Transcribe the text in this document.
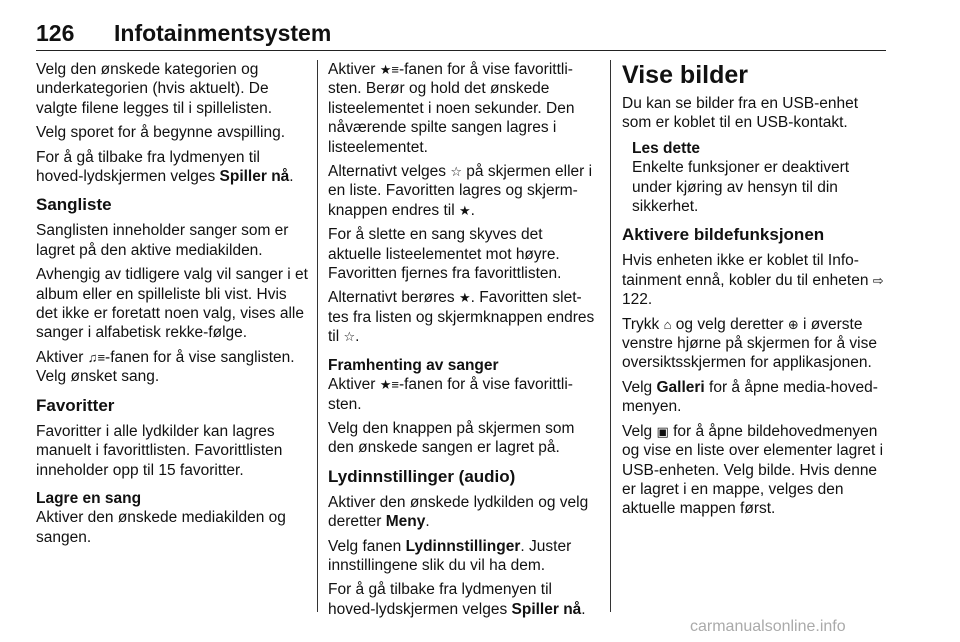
126 Infotainmentsystem

Velg den ønskede kategorien og underkategorien (hvis aktuelt). De valgte filene legges til i spillelisten.

Velg sporet for å begynne avspilling.

For å gå tilbake fra lydmenyen til hoved-lydskjermen velges Spiller nå.

Sangliste

Sanglisten inneholder sanger som er lagret på den aktive mediakilden.

Avhengig av tidligere valg vil sanger i et album eller en spilleliste bli vist. Hvis det ikke er foretatt noen valg, vises alle sanger i alfabetisk rekke-følge.

Aktiver ♫≡-fanen for å vise sanglisten. Velg ønsket sang.

Favoritter

Favoritter i alle lydkilder kan lagres manuelt i favorittlisten. Favorittlisten inneholder opp til 15 favoritter.

Lagre en sang

Aktiver den ønskede mediakilden og sangen.

Aktiver ★≡-fanen for å vise favorittli-sten. Berør og hold det ønskede listeelementet i noen sekunder. Den nåværende spilte sangen lagres i listeelementet.

Alternativt velges ☆ på skjermen eller i en liste. Favoritten lagres og skjerm-knappen endres til ★.

For å slette en sang skyves det aktuelle listeelementet mot høyre. Favoritten fjernes fra favorittlisten.

Alternativt berøres ★. Favoritten slet-tes fra listen og skjermknappen endres til ☆.

Framhenting av sanger

Aktiver ★≡-fanen for å vise favorittli-sten.

Velg den knappen på skjermen som den ønskede sangen er lagret på.

Lydinnstillinger (audio)

Aktiver den ønskede lydkilden og velg deretter Meny.

Velg fanen Lydinnstillinger. Juster innstillingene slik du vil ha dem.

For å gå tilbake fra lydmenyen til hoved-lydskjermen velges Spiller nå.

Vise bilder

Du kan se bilder fra en USB-enhet som er koblet til en USB-kontakt.

Les dette
Enkelte funksjoner er deaktivert under kjøring av hensyn til din sikkerhet.
Aktivere bildefunksjonen

Hvis enheten ikke er koblet til Info-tainment ennå, kobler du til enheten ⇨ 122.

Trykk ⌂ og velg deretter ⊕ i øverste venstre hjørne på skjermen for å vise oversiktsskjermen for applikasjonen.

Velg Galleri for å åpne media-hoved-menyen.

Velg ▣ for å åpne bildehovedmenyen og vise en liste over elementer lagret i USB-enheten. Velg bilde. Hvis denne er lagret i en mappe, velges den aktuelle mappen først.

carmanualsonline.info
